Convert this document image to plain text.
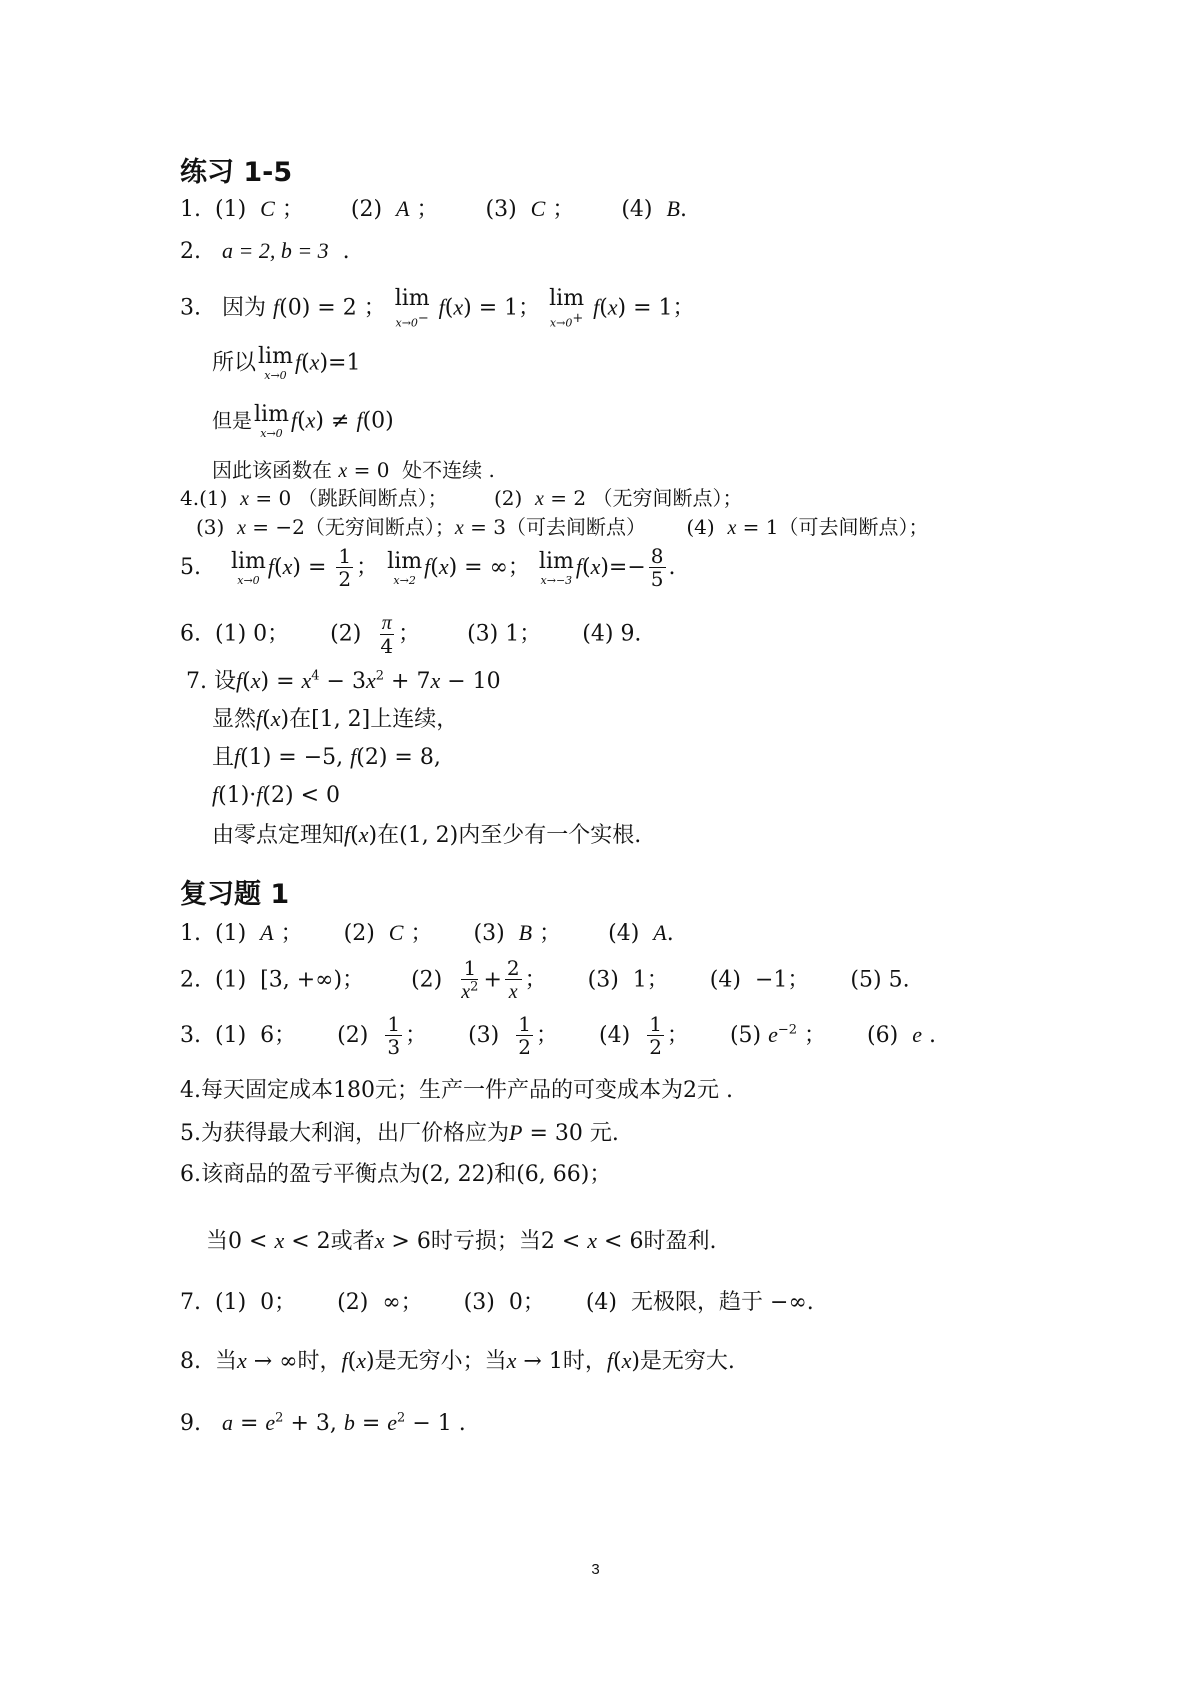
练习 1-5
1. (1) C ； (2) A ； (3) C ； (4) B.
2. a = 2, b = 3  .
3. 因为 f(0) = 2 ； lim
x→0− f(x) = 1； lim
x→0+ f(x) = 1；
所以 lim
x→0
f(x)=1
但是 lim
x→0
f(x) ≠ f(0)
因此该函数在 x = 0  处不连续 .
4.(1) x = 0 （跳跃间断点）； (2) x = 2 （无穷间断点）；
(3) x = −2（无穷间断点）；x = 3（可去间断点） (4) x = 1（可去间断点）；
5. lim
x→0
$f(x) = \frac{1}{2}$ ； lim
x→2
f(x) = ∞； lim
x→−3
$f(x)=- \frac{8}{5}$ .
6. (1) 0； $(2) \frac{\pi}{4}$ ； (3) 1； (4) 9.
7. 设$f(x) = x^4 - 3x^2 + 7x - 10$
显然f(x)在[1, 2]上连续，
且f(1) = −5, f(2) = 8,
f(1)·f(2) < 0
由零点定理知f(x)在(1, 2)内至少有一个实根.
复习题 1
1. (1) A ； (2) C ； (3) B ； (4) A.
2. (1) [3, +∞)； $(2) \frac{1}{x^2} + \frac{2}{x}$ ； (3) 1； (4) −1； (5) 5.
3. (1) 6； $(2) \frac{1}{3}$ ； $(3) \frac{1}{2}$ ； $(4) \frac{1}{2}$ ； (5) $e^{-2}$ ； (6) e .
4.每天固定成本180元；生产一件产品的可变成本为2元 .
5.为获得最大利润，出厂价格应为P = 30 元.
6.该商品的盈亏平衡点为(2, 22)和(6, 66)；
当0 < x < 2或者x > 6时亏损；当2 < x < 6时盈利.
7. (1) 0； (2) ∞； (3) 0； (4) 无极限，趋于 −∞.
8. 当x → ∞时，f(x)是无穷小；当x → 1时，f(x)是无穷大.
9. $a = e^2 + 3$, $b = e^2 - 1$ .
3
